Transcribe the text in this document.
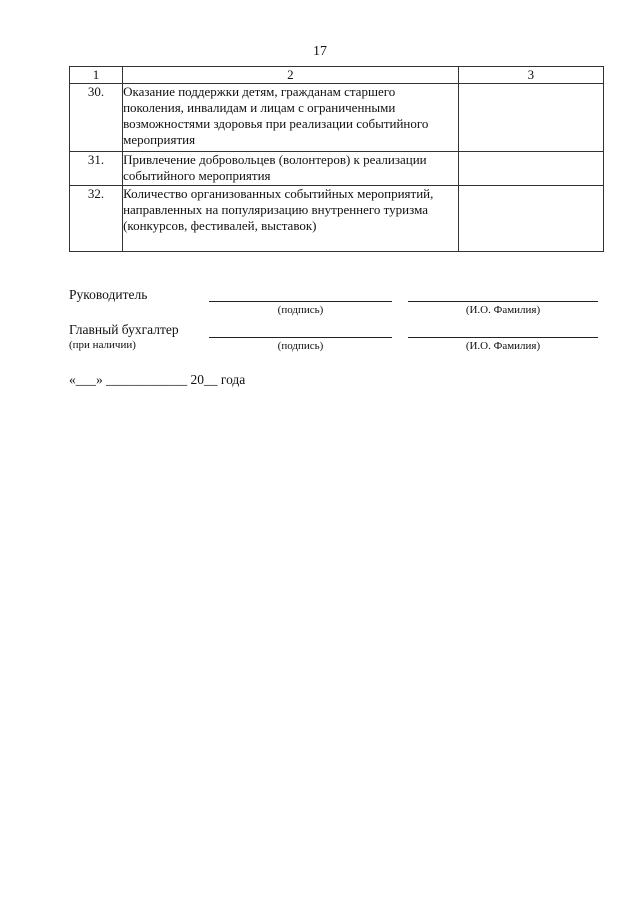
17
1	2	3
30.	Оказание поддержки детям, гражданам старшего поколения, инвалидам и лицам с ограниченными возможностями здоровья при реализации событийного мероприятия	
31.	Привлечение добровольцев (волонтеров) к реализации событийного мероприятия	
32.	Количество организованных событийных мероприятий, направленных на популяризацию внутреннего туризма (конкурсов, фестивалей, выставок)	
Руководитель
(подпись)	(И.О. Фамилия)
Главный бухгалтер
(при наличии)	(подпись)	(И.О. Фамилия)
«___» ____________ 20__ года
